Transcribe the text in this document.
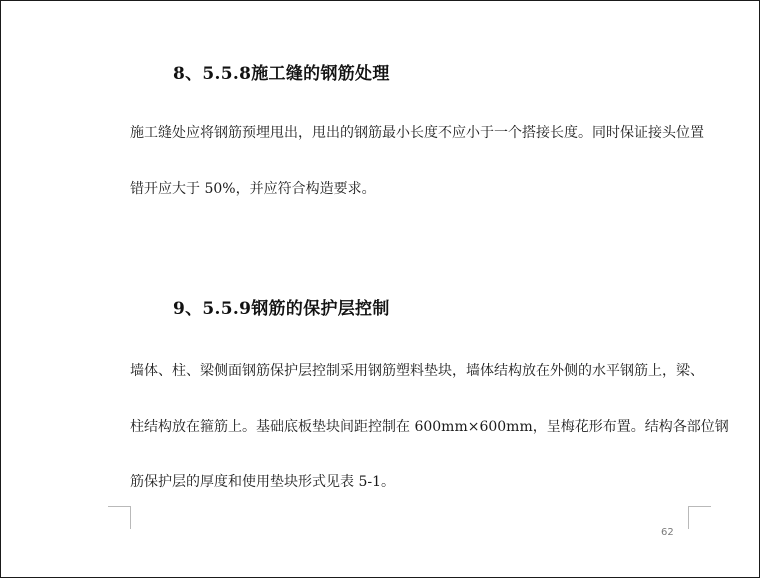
8、5.5.8施工缝的钢筋处理
施工缝处应将钢筋预埋甩出，甩出的钢筋最小长度不应小于一个搭接长度。同时保证接头位置
错开应大于 50%，并应符合构造要求。
9、5.5.9钢筋的保护层控制
墙体、柱、梁侧面钢筋保护层控制采用钢筋塑料垫块，墙体结构放在外侧的水平钢筋上，梁、
柱结构放在箍筋上。基础底板垫块间距控制在 600mm×600mm，呈梅花形布置。结构各部位钢
筋保护层的厚度和使用垫块形式见表 5-1。
62
